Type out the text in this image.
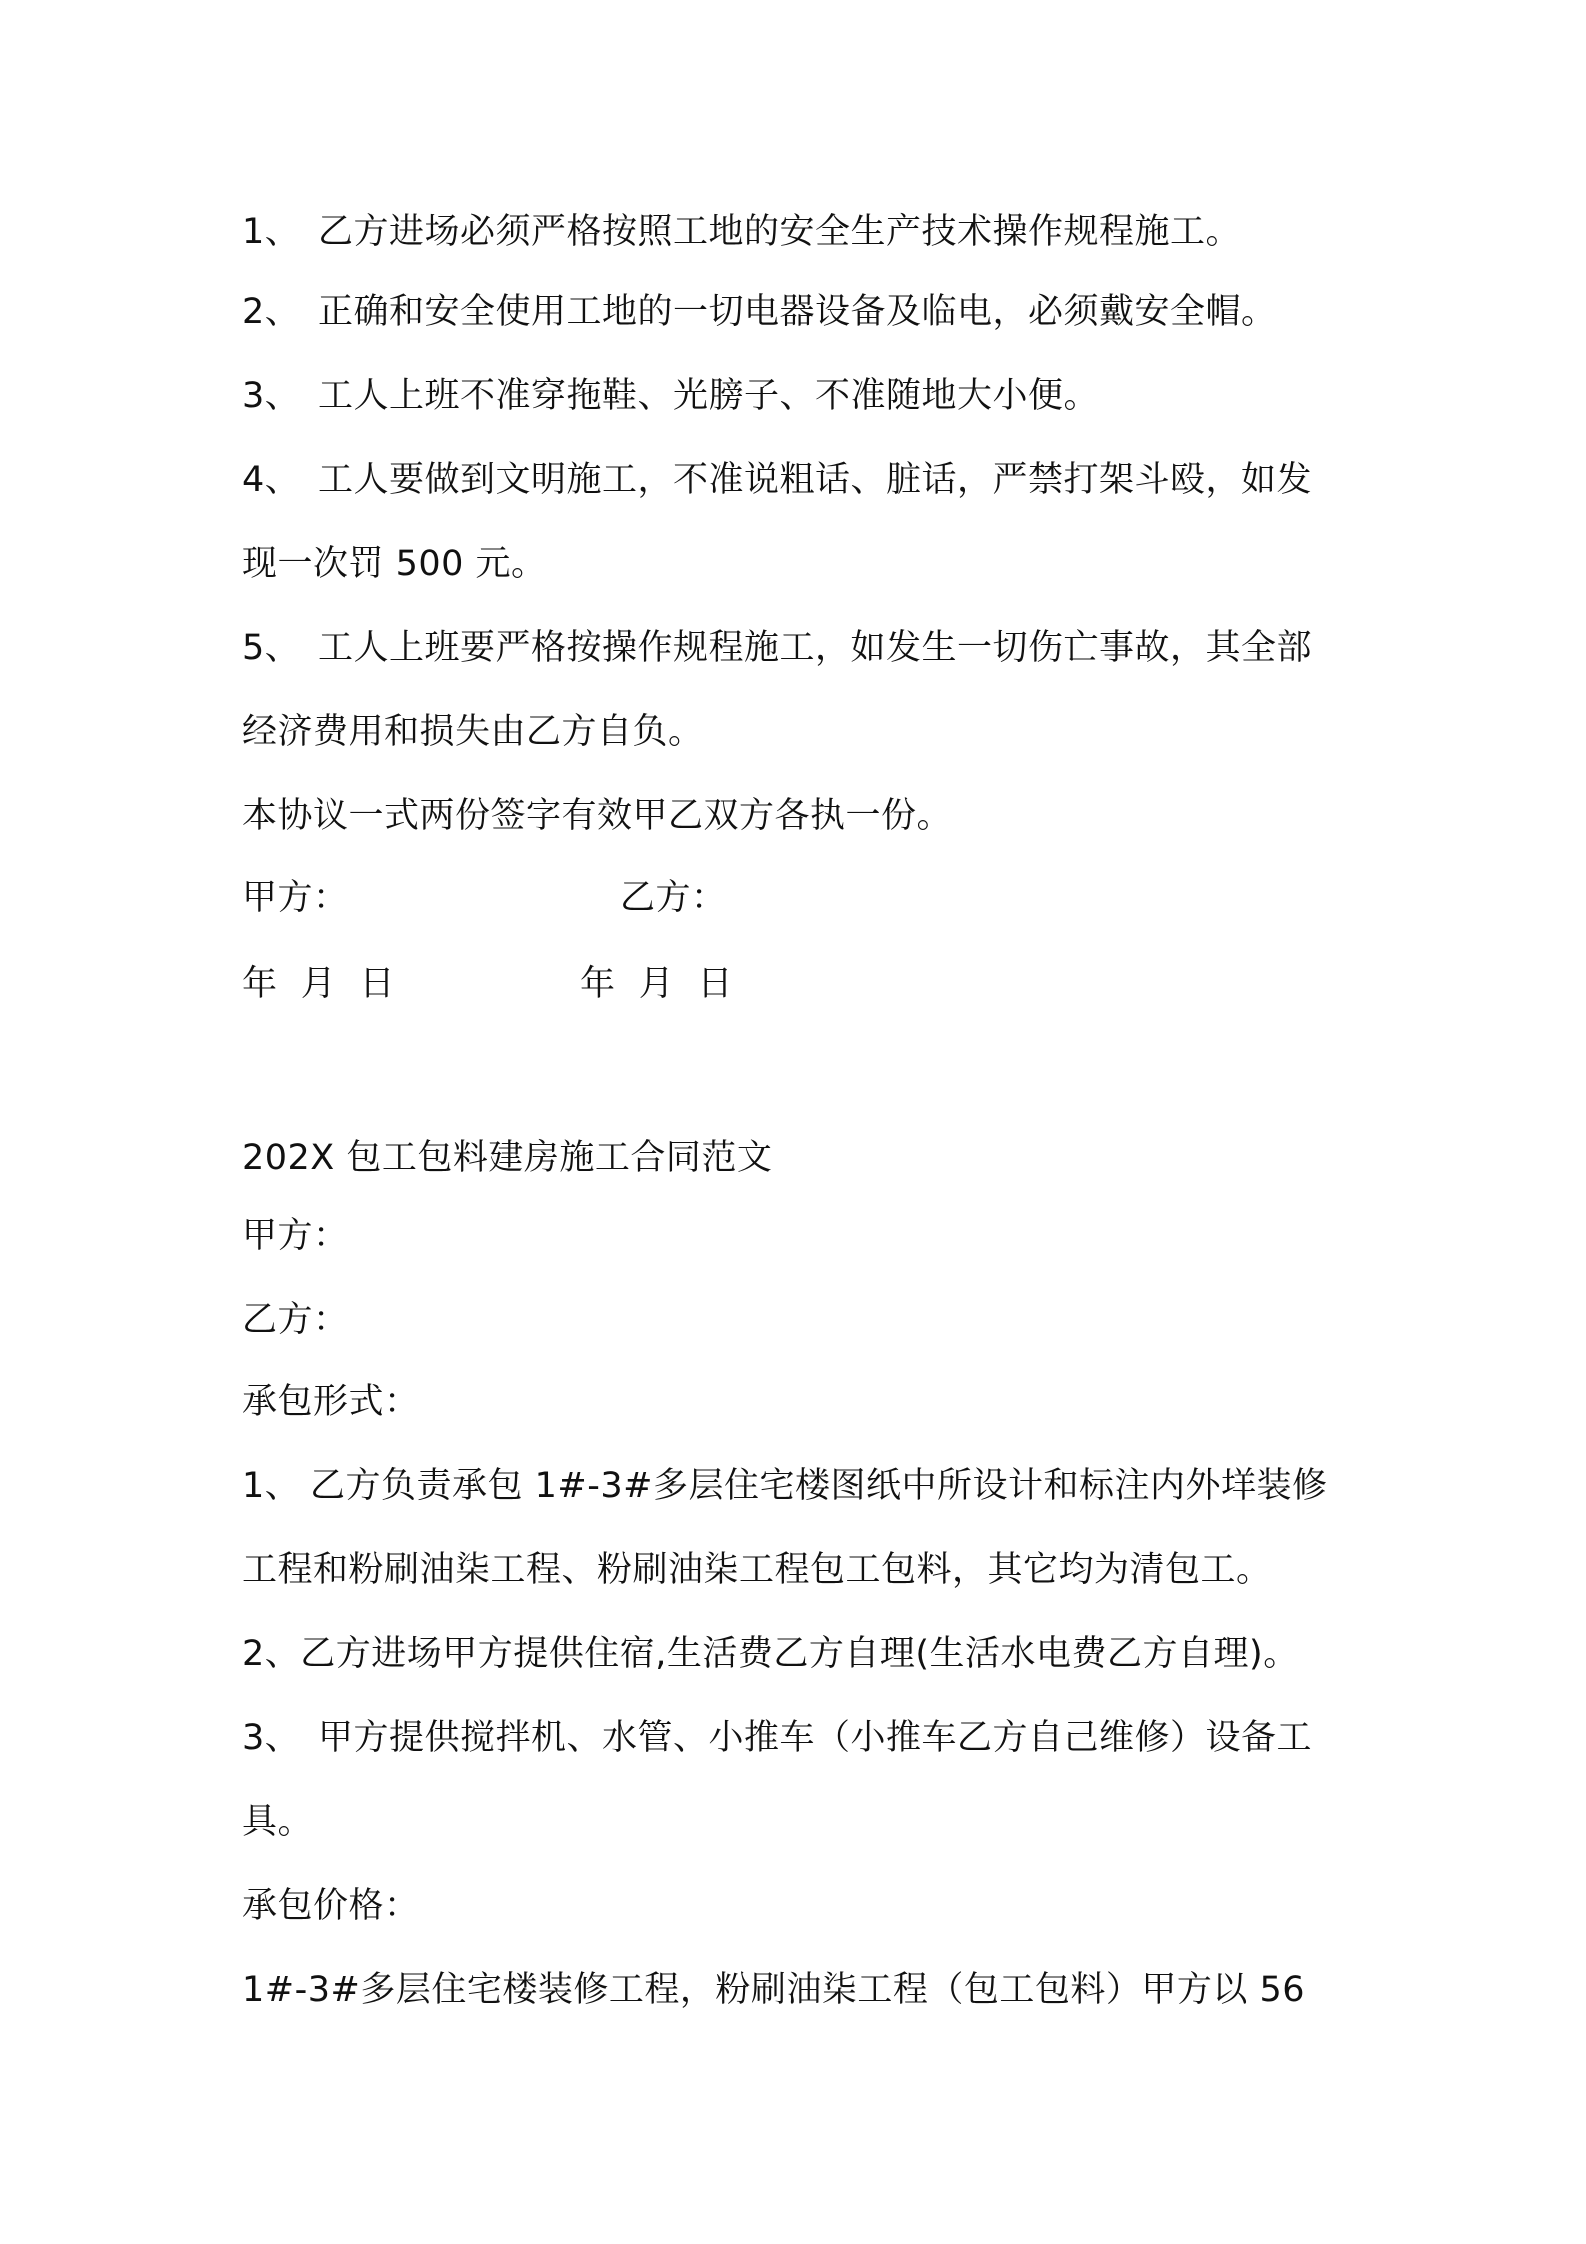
1、 乙方进场必须严格按照工地的安全生产技术操作规程施工。
2、 正确和安全使用工地的一切电器设备及临电，必须戴安全帽。
3、 工人上班不准穿拖鞋、光膀子、不准随地大小便。
4、 工人要做到文明施工，不准说粗话、脏话，严禁打架斗殴，如发
现一次罚 500 元。
5、 工人上班要严格按操作规程施工，如发生一切伤亡事故，其全部
经济费用和损失由乙方自负。
本协议一式两份签字有效甲乙双方各执一份。
甲方：	乙方：
年  月  日	年  月  日
202X 包工包料建房施工合同范文
甲方：
乙方：
承包形式：
1、 乙方负责承包 1#-3#多层住宅楼图纸中所设计和标注内外垟装修
工程和粉刷油柒工程、粉刷油柒工程包工包料，其它均为清包工。
2、乙方进场甲方提供住宿,生活费乙方自理(生活水电费乙方自理)。
3、 甲方提供搅拌机、水管、小推车（小推车乙方自己维修）设备工
具。
承包价格：
1#-3#多层住宅楼装修工程，粉刷油柒工程（包工包料）甲方以 56
